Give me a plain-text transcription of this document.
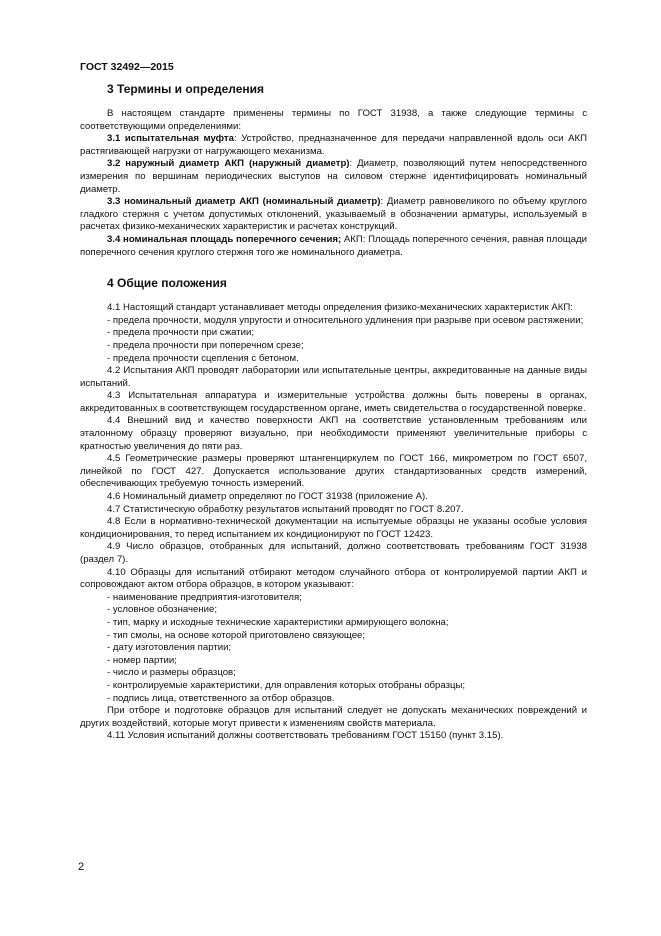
ГОСТ 32492—2015
3 Термины и определения

В настоящем стандарте применены термины по ГОСТ 31938, а также следующие термины с соответствующими определениями:

3.1 испытательная муфта: Устройство, предназначенное для передачи направленной вдоль оси АКП растягивающей нагрузки от нагружающего механизма.

3.2 наружный диаметр АКП (наружный диаметр): Диаметр, позволяющий путем непосредственного измерения по вершинам периодических выступов на силовом стержне идентифицировать номинальный диаметр.

3.3 номинальный диаметр АКП (номинальный диаметр): Диаметр равновеликого по объему круглого гладкого стержня с учетом допустимых отклонений, указываемый в обозначении арматуры, используемый в расчетах физико-механических характеристик и расчетах конструкций.

3.4 номинальная площадь поперечного сечения; АКП: Площадь поперечного сечения, равная площади поперечного сечения круглого стержня того же номинального диаметра.

4 Общие положения

4.1 Настоящий стандарт устанавливает методы определения физико-механических характеристик АКП:

- предела прочности, модуля упругости и относительного удлинения при разрыве при осевом растяжении;

- предела прочности при сжатии;

- предела прочности при поперечном срезе;

- предела прочности сцепления с бетоном.

4.2 Испытания АКП проводят лаборатории или испытательные центры, аккредитованные на данные виды испытаний.

4.3 Испытательная аппаратура и измерительные устройства должны быть поверены в органах, аккредитованных в соответствующем государственном органе, иметь свидетельства о государственной поверке.

4.4 Внешний вид и качество поверхности АКП на соответствие установленным требованиям или эталонному образцу проверяют визуально, при необходимости применяют увеличительные приборы с кратностью увеличения до пяти раз.

4.5 Геометрические размеры проверяют штангенциркулем по ГОСТ 166, микрометром по ГОСТ 6507, линейкой по ГОСТ 427. Допускается использование других стандартизованных средств измерений, обеспечивающих требуемую точность измерений.

4.6 Номинальный диаметр определяют по ГОСТ 31938 (приложение А).

4.7 Статистическую обработку результатов испытаний проводят по ГОСТ 8.207.

4.8 Если в нормативно-технической документации на испытуемые образцы не указаны особые условия кондиционирования, то перед испытанием их кондиционируют по ГОСТ 12423.

4.9 Число образцов, отобранных для испытаний, должно соответствовать требованиям ГОСТ 31938 (раздел 7).

4.10 Образцы для испытаний отбирают методом случайного отбора от контролируемой партии АКП и сопровождают актом отбора образцов, в котором указывают:

- наименование предприятия-изготовителя;

- условное обозначение;

- тип, марку и исходные технические характеристики армирующего волокна;

- тип смолы, на основе которой приготовлено связующее;

- дату изготовления партии;

- номер партии;

- число и размеры образцов;

- контролируемые характеристики, для оправления которых отобраны образцы;

- подпись лица, ответственного за отбор образцов.

При отборе и подготовке образцов для испытаний следует не допускать механических повреждений и других воздействий, которые могут привести к изменениям свойств материала.

4.11 Условия испытаний должны соответствовать требованиям ГОСТ 15150 (пункт 3.15).

2
